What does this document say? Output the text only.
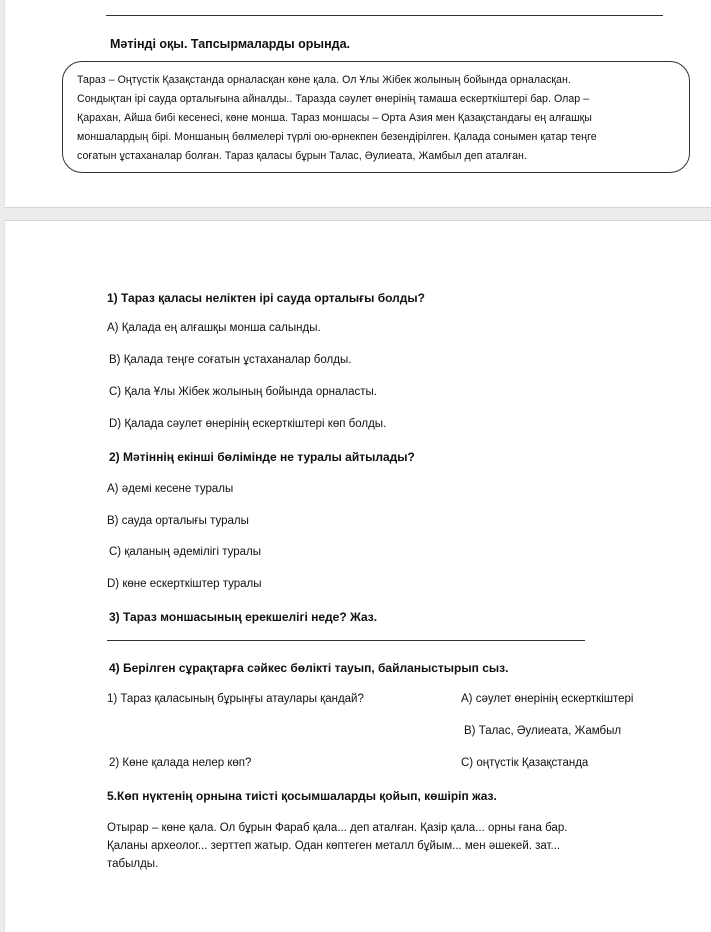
Мәтінді оқы. Тапсырмаларды орында.
Тараз – Оңтүстік Қазақстанда орналасқан көне қала. Ол Ұлы Жібек жолының бойында орналасқан.
Сондықтан ірі сауда орталығына айналды.. Таразда сәулет өнерінің тамаша ескерткіштері бар. Олар –
Қарахан, Айша бибі кесенесі, көне монша. Тараз моншасы – Орта Азия мен Қазақстандағы ең алғашқы
моншалардың бірі. Моншаның бөлмелері түрлі ою-өрнекпен безендірілген. Қалада сонымен қатар теңге
соғатын ұстаханалар болған. Тараз қаласы бұрын Талас, Әулиеата, Жамбыл деп аталған.
1) Тараз қаласы неліктен ірі сауда орталығы болды?
A) Қалада ең алғашқы монша салынды.
B) Қалада теңге соғатын ұстаханалар болды.
C) Қала Ұлы Жібек жолының бойында орналасты.
D) Қалада сәулет өнерінің ескерткіштері көп болды.
2) Мәтіннің екінші бөлімінде не туралы айтылады?
A) әдемі кесене туралы
B) сауда орталығы туралы
C) қаланың әдемілігі туралы
D) көне ескерткіштер туралы
3) Тараз моншасының ерекшелігі неде? Жаз.
4) Берілген сұрақтарға сәйкес бөлікті тауып, байланыстырып сыз.
1) Тараз қаласының бұрыңғы атаулары қандай?	A) сәулет өнерінің ескерткіштері
B) Талас, Әулиеата, Жамбыл
2) Көне қалада нелер көп?	C) оңтүстік Қазақстанда
5.Көп нүктенің орнына тиісті қосымшаларды қойып, көшіріп жаз.
Отырар – көне қала. Ол бұрын Фараб қала... деп аталған. Қазір қала... орны ғана бар.
Қаланы археолог... зерттеп жатыр. Одан көптеген металл бұйым... мен әшекей. зат...
табылды.
